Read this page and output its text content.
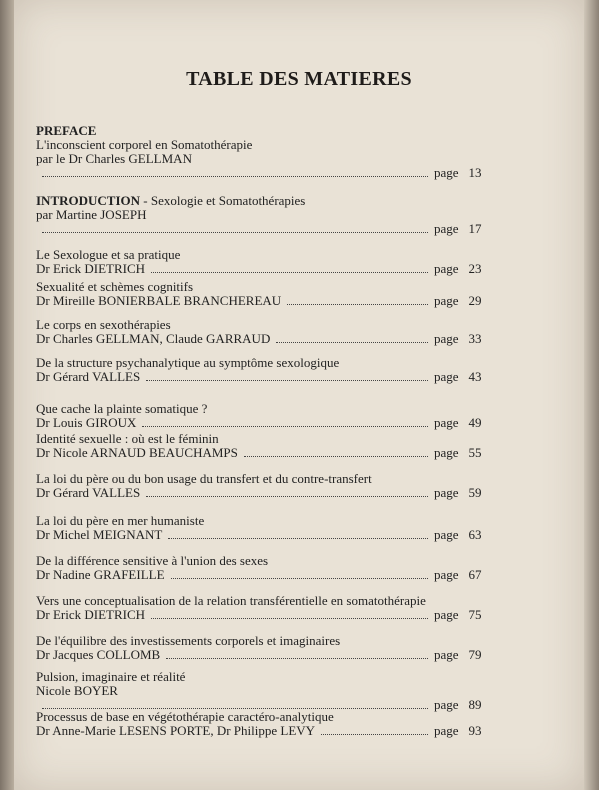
TABLE DES MATIERES
PREFACE
L'inconscient corporel en Somatothérapie
par le Dr Charles GELLMAN
page 13
INTRODUCTION - Sexologie et Somatothérapies
par Martine JOSEPH
page 17
Le Sexologue et sa pratique
Dr Erick DIETRICH	page 23
Sexualité et schèmes cognitifs
Dr Mireille BONIERBALE BRANCHEREAU	page 29
Le corps en sexothérapies
Dr Charles GELLMAN, Claude GARRAUD	page 33
De la structure psychanalytique au symptôme sexologique
Dr Gérard VALLES	page 43
Que cache la plainte somatique ?
Dr Louis GIROUX	page 49
Identité sexuelle : où est le féminin
Dr Nicole ARNAUD BEAUCHAMPS	page 55
La loi du père ou du bon usage du transfert et du contre-transfert
Dr Gérard VALLES	page 59
La loi du père en mer humaniste
Dr Michel MEIGNANT	page 63
De la différence sensitive à l'union des sexes
Dr Nadine GRAFEILLE	page 67
Vers une conceptualisation de la relation transférentielle en somatothérapie
Dr Erick DIETRICH	page 75
De l'équilibre des investissements corporels et imaginaires
Dr Jacques COLLOMB	page 79
Pulsion, imaginaire et réalité
Nicole BOYER
page 89
Processus de base en végétothérapie caractéro-analytique
Dr Anne-Marie LESENS PORTE, Dr Philippe LEVY	page 93
